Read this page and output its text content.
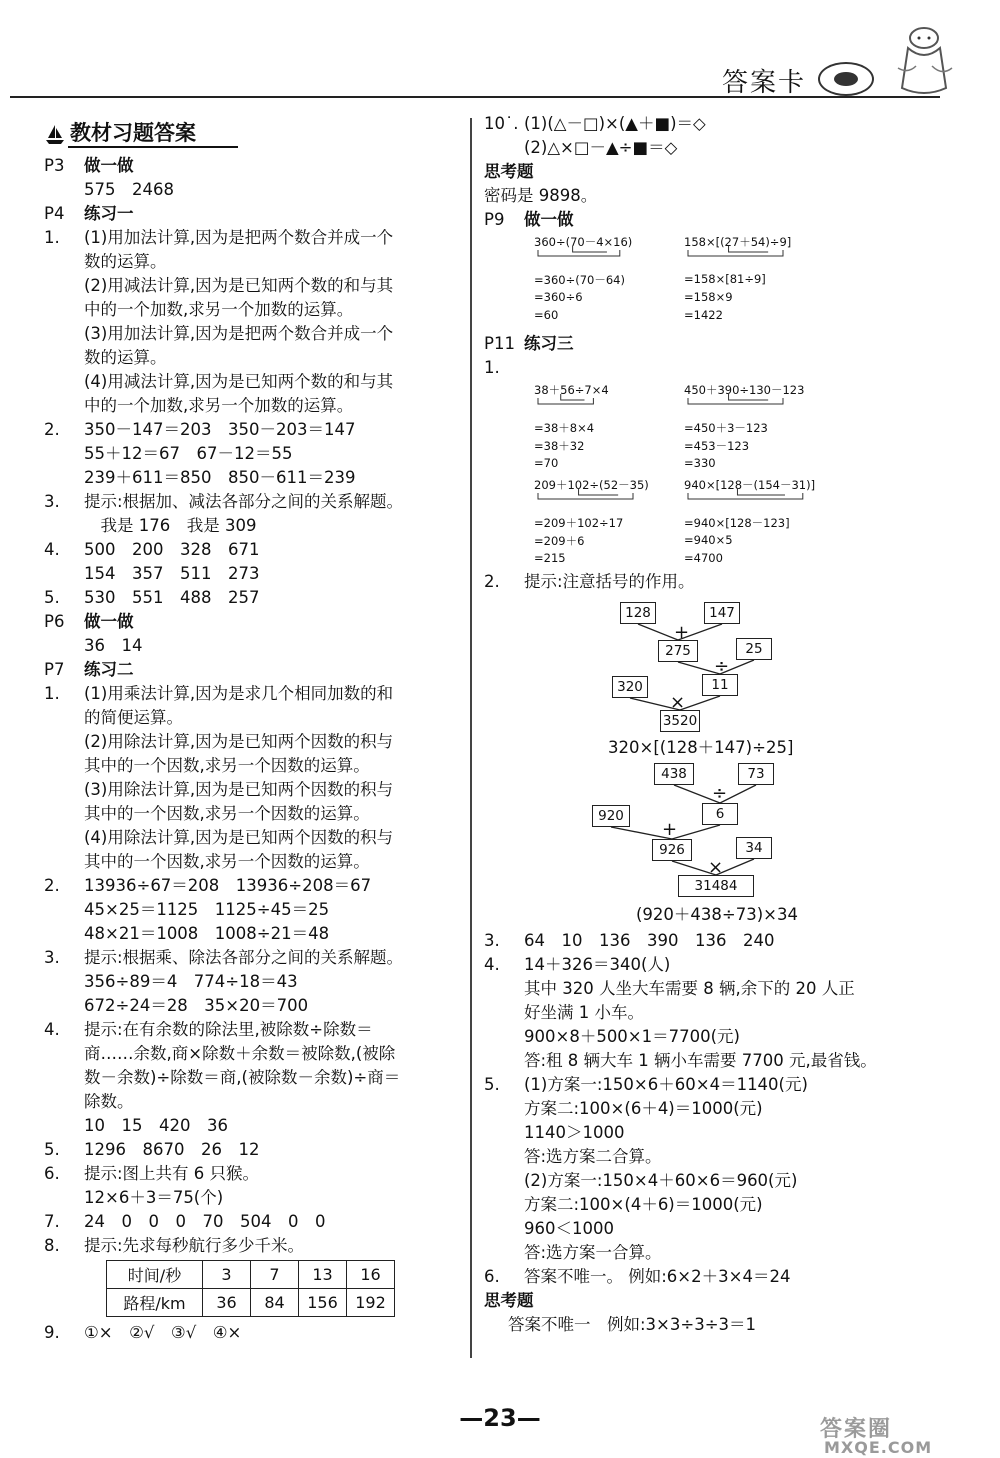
答案卡
教材习题答案
P3 做一做
575　2468
P4 练习一
1. (1)用加法计算,因为是把两个数合并成一个
数的运算。
(2)用减法计算,因为是已知两个数的和与其
中的一个加数,求另一个加数的运算。
(3)用加法计算,因为是把两个数合并成一个
数的运算。
(4)用减法计算,因为是已知两个数的和与其
中的一个加数,求另一个加数的运算。
2. 350－147＝203　350－203＝147
55＋12＝67　67－12＝55
239＋611＝850　850－611＝239
3. 提示:根据加、减法各部分之间的关系解题。
　我是 176　我是 309
4. 500　200　328　671
154　357　511　273
5. 530　551　488　257
P6 做一做
36　14
P7 练习二
1. (1)用乘法计算,因为是求几个相同加数的和
的简便运算。
(2)用除法计算,因为是已知两个因数的积与
其中的一个因数,求另一个因数的运算。
(3)用除法计算,因为是已知两个因数的积与
其中的一个因数,求另一个因数的运算。
(4)用除法计算,因为是已知两个因数的积与
其中的一个因数,求另一个因数的运算。
2. 13936÷67＝208　13936÷208＝67
45×25＝1125　1125÷45＝25
48×21＝1008　1008÷21＝48
3. 提示:根据乘、除法各部分之间的关系解题。
356÷89＝4　774÷18＝43
672÷24＝28　35×20＝700
4. 提示:在有余数的除法里,被除数÷除数＝
商……余数,商×除数＋余数＝被除数,(被除
数－余数)÷除数＝商,(被除数－余数)÷商＝
除数。
10　15　420　36
5. 1296　8670　26　12
6. 提示:图上共有 6 只猴。
12×6＋3＝75(个)
7. 24　0　0　0　70　504　0　0
8. 提示:先求每秒航行多少千米。
时间/秒	3	7	13	16
路程/km	36	84	156	192
9. ①×　②√　③√　④×
10˙. (1)(△－□)×(▲＋■)＝◇
(2)△×□－▲÷■＝◇
思考题
密码是 9898。
P9 做一做
360÷(70－4×16)
=360÷(70－64)
=360÷6
=60
158×[(27＋54)÷9]
=158×[81÷9]
=158×9
=1422
P11 练习三
1.
38＋56÷7×4
=38＋8×4
=38＋32
=70
450＋390÷130－123
=450＋3－123
=453－123
=330
209＋102÷(52－35)
=209＋102÷17
=209＋6
=215
940×[128－(154－31)]
=940×[128－123]
=940×5
=4700
2. 提示:注意括号的作用。
128	147
275	25
11
320
3520
+
÷
×
320×[(128＋147)÷25]
438	73
6
920
926	34
31484
÷
+
×
(920＋438÷73)×34
3. 64　10　136　390　136　240
4. 14＋326＝340(人)
其中 320 人坐大车需要 8 辆,余下的 20 人正
好坐满 1 小车。
900×8＋500×1＝7700(元)
答:租 8 辆大车 1 辆小车需要 7700 元,最省钱。
5. (1)方案一:150×6＋60×4＝1140(元)
方案二:100×(6＋4)＝1000(元)
1140＞1000
答:选方案二合算。
(2)方案一:150×4＋60×6＝960(元)
方案二:100×(4＋6)＝1000(元)
960＜1000
答:选方案一合算。
6. 答案不唯一。 例如:6×2＋3×4＝24
思考题
答案不唯一　例如:3×3÷3÷3＝1
—23—	答案圈
MXQE.COM
